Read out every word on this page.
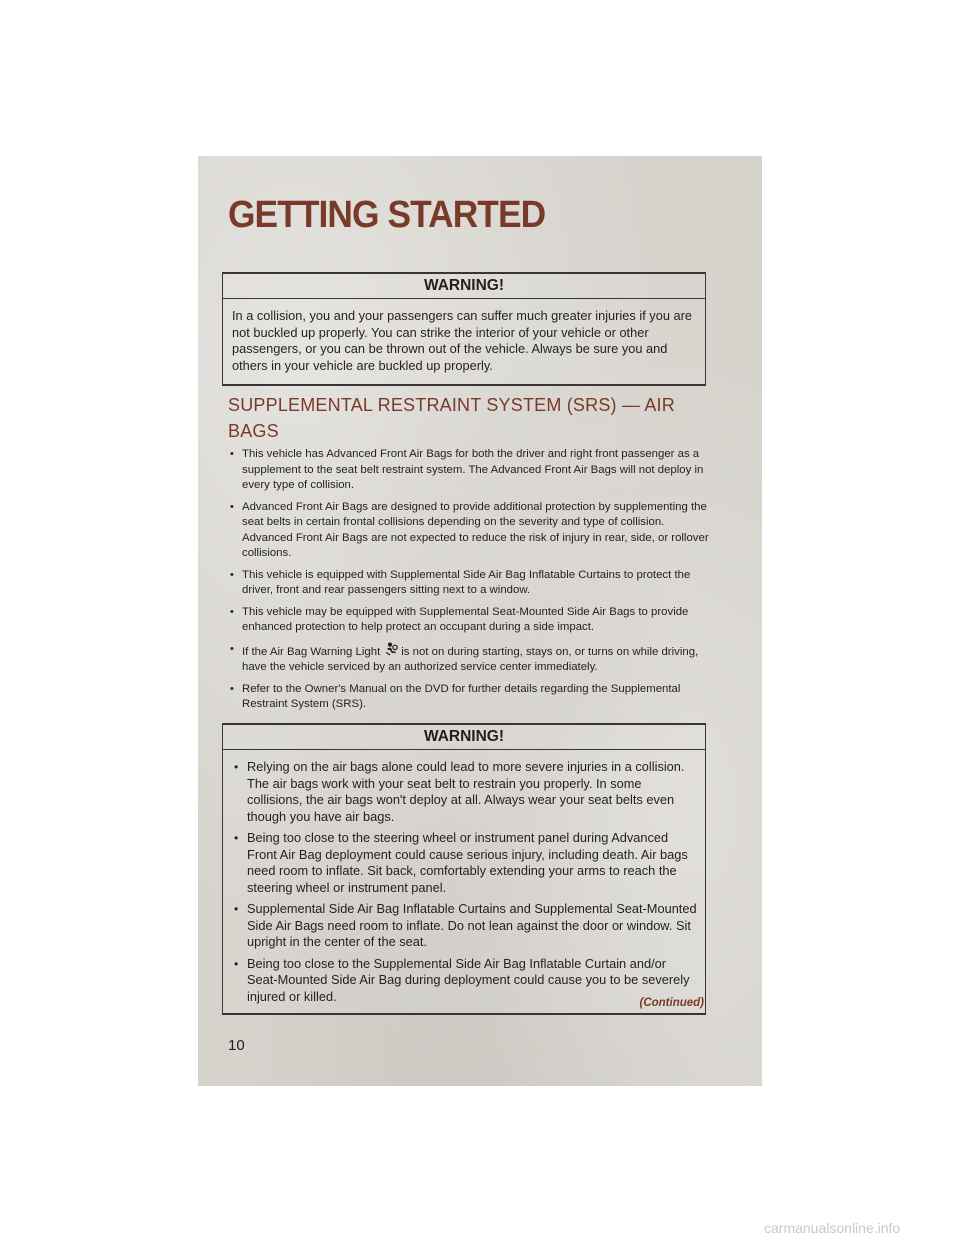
GETTING STARTED
WARNING!

In a collision, you and your passengers can suffer much greater injuries if you are not buckled up properly. You can strike the interior of your vehicle or other passengers, or you can be thrown out of the vehicle. Always be sure you and others in your vehicle are buckled up properly.

SUPPLEMENTAL RESTRAINT SYSTEM (SRS) — AIR BAGS
• This vehicle has Advanced Front Air Bags for both the driver and right front passenger as a supplement to the seat belt restraint system. The Advanced Front Air Bags will not deploy in every type of collision.
• Advanced Front Air Bags are designed to provide additional protection by supplementing the seat belts in certain frontal collisions depending on the severity and type of collision. Advanced Front Air Bags are not expected to reduce the risk of injury in rear, side, or rollover collisions.
• This vehicle is equipped with Supplemental Side Air Bag Inflatable Curtains to protect the driver, front and rear passengers sitting next to a window.
• This vehicle may be equipped with Supplemental Seat-Mounted Side Air Bags to provide enhanced protection to help protect an occupant during a side impact.
• If the Air Bag Warning Light is not on during starting, stays on, or turns on while driving, have the vehicle serviced by an authorized service center immediately.
• Refer to the Owner's Manual on the DVD for further details regarding the Supplemental Restraint System (SRS).
WARNING!
• Relying on the air bags alone could lead to more severe injuries in a collision. The air bags work with your seat belt to restrain you properly. In some collisions, the air bags won't deploy at all. Always wear your seat belts even though you have air bags.
• Being too close to the steering wheel or instrument panel during Advanced Front Air Bag deployment could cause serious injury, including death. Air bags need room to inflate. Sit back, comfortably extending your arms to reach the steering wheel or instrument panel.
• Supplemental Side Air Bag Inflatable Curtains and Supplemental Seat-Mounted Side Air Bags need room to inflate. Do not lean against the door or window. Sit upright in the center of the seat.
• Being too close to the Supplemental Side Air Bag Inflatable Curtain and/or Seat-Mounted Side Air Bag during deployment could cause you to be severely injured or killed.	(Continued)
10
carmanualsonline.info
